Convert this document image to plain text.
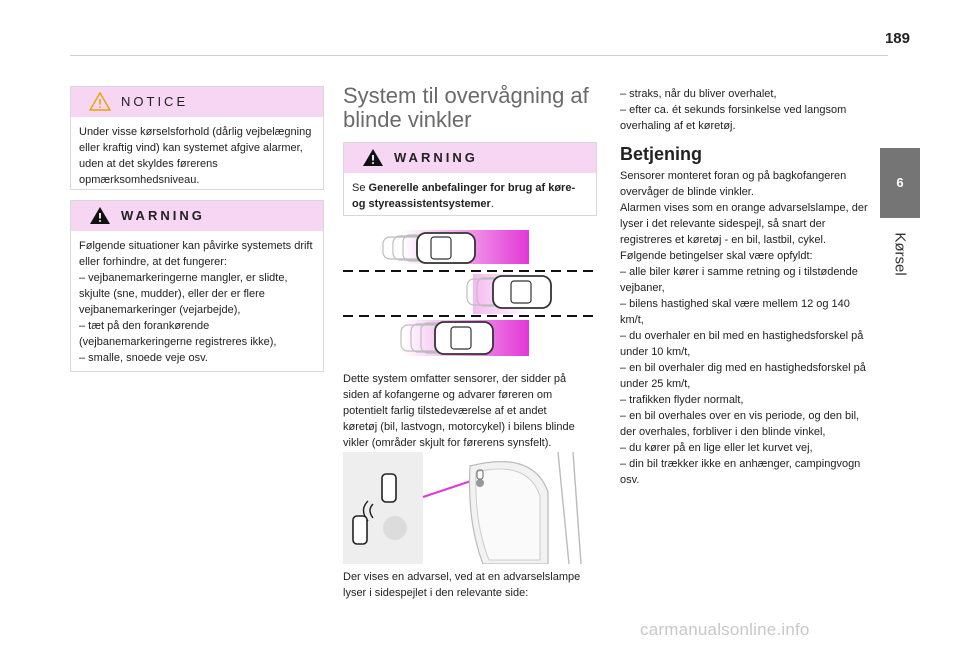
189
6
Kørsel
NOTICE

Under visse kørselsforhold (dårlig vejbelægning eller kraftig vind) kan systemet afgive alarmer, uden at det skyldes førerens opmærksomhedsniveau.

WARNING

Følgende situationer kan påvirke systemets drift eller forhindre, at det fungerer:

– vejbanemarkeringerne mangler, er slidte, skjulte (sne, mudder), eller der er flere vejbanemarkeringer (vejarbejde),

– tæt på den forankørende (vejbanemarkeringerne registreres ikke),

– smalle, snoede veje osv.

System til overvågning af blinde vinkler
WARNING

Se Generelle anbefalinger for brug af køre- og styreassistentsystemer.

Dette system omfatter sensorer, der sidder på siden af kofangerne og advarer føreren om potentielt farlig tilstedeværelse af et andet køretøj (bil, lastvogn, motorcykel) i bilens blinde vikler (områder skjult for førerens synsfelt).
Der vises en advarsel, ved at en advarselslampe lyser i sidespejlet i den relevante side:

– straks, når du bliver overhalet,

– efter ca. ét sekunds forsinkelse ved langsom overhaling af et køretøj.

Betjening

Sensorer monteret foran og på bagkofangeren overvåger de blinde vinkler.

Alarmen vises som en orange advarselslampe, der lyser i det relevante sidespejl, så snart der registreres et køretøj - en bil, lastbil, cykel.

Følgende betingelser skal være opfyldt:

– alle biler kører i samme retning og i tilstødende vejbaner,

– bilens hastighed skal være mellem 12 og 140 km/t,

– du overhaler en bil med en hastighedsforskel på under 10 km/t,

– en bil overhaler dig med en hastighedsforskel på under 25 km/t,

– trafikken flyder normalt,

– en bil overhales over en vis periode, og den bil, der overhales, forbliver i den blinde vinkel,

– du kører på en lige eller let kurvet vej,

– din bil trækker ikke en anhænger, campingvogn osv.

carmanualsonline.info
